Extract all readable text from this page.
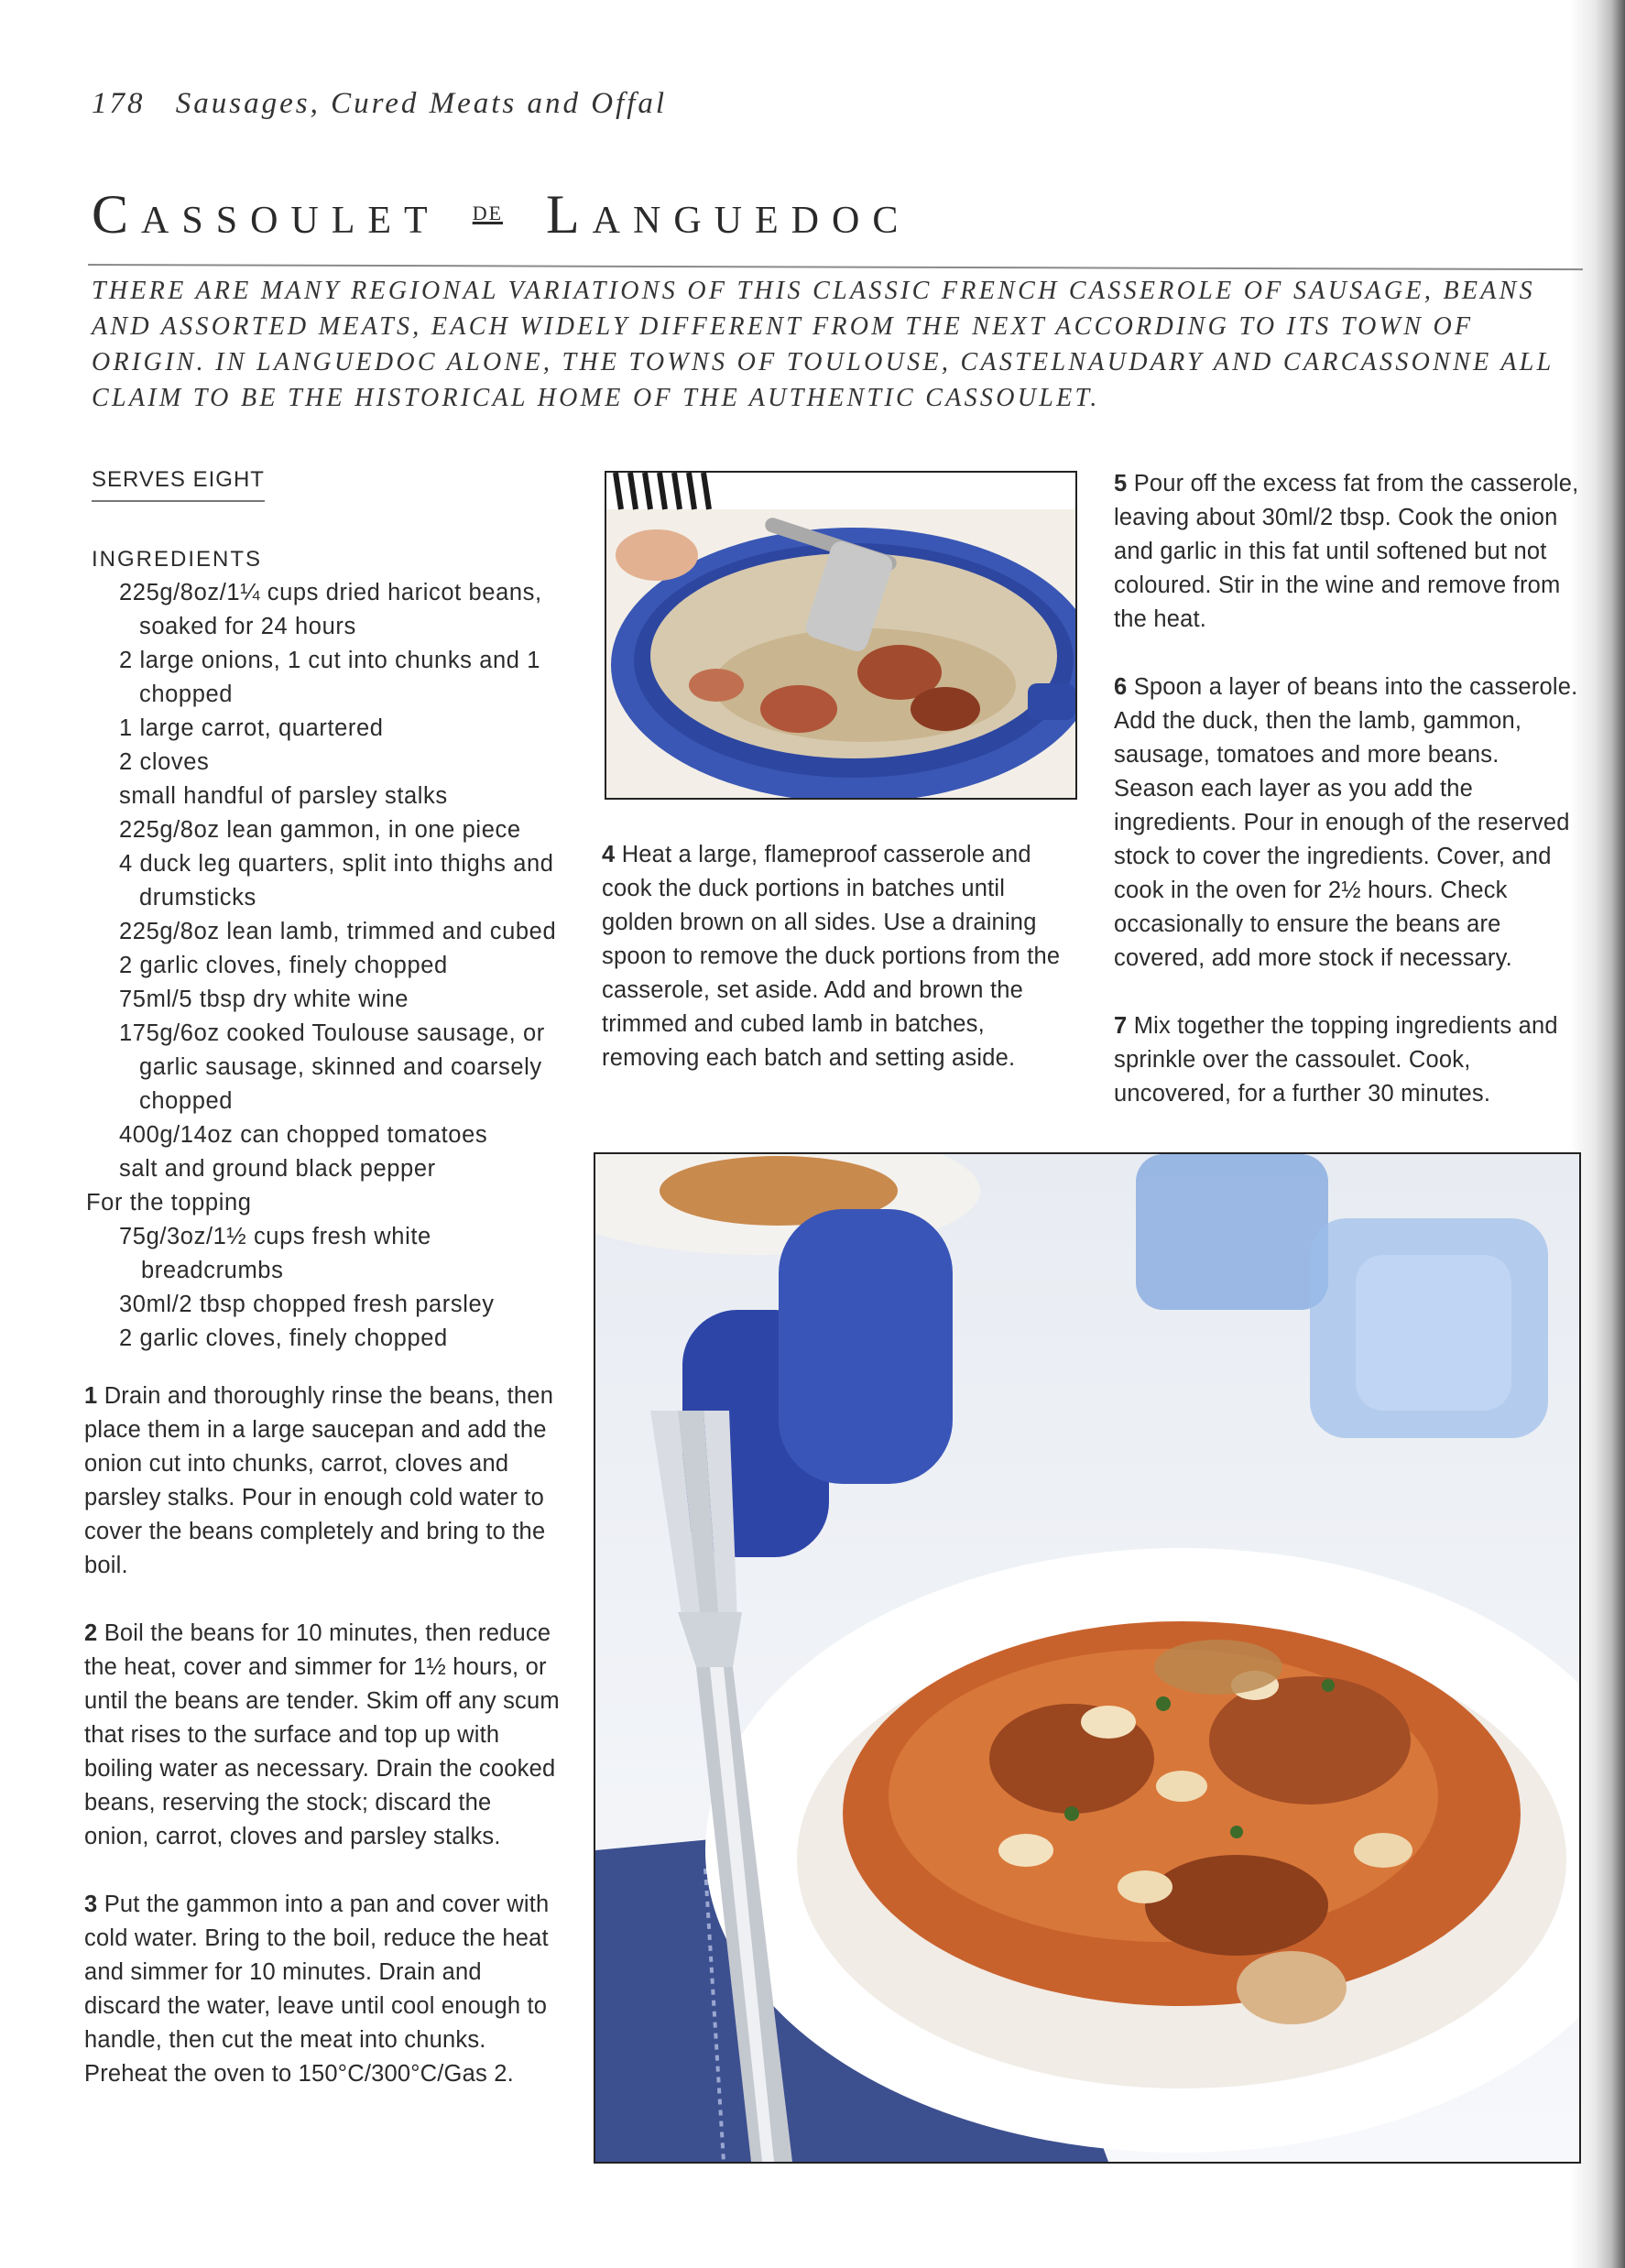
178 Sausages, Cured Meats and Offal
Cassoulet $^{de}$ Languedoc

THERE ARE MANY REGIONAL VARIATIONS OF THIS CLASSIC FRENCH CASSEROLE OF SAUSAGE, BEANS AND ASSORTED MEATS, EACH WIDELY DIFFERENT FROM THE NEXT ACCORDING TO ITS TOWN OF ORIGIN. IN LANGUEDOC ALONE, THE TOWNS OF TOULOUSE, CASTELNAUDARY AND CARCASSONNE ALL CLAIM TO BE THE HISTORICAL HOME OF THE AUTHENTIC CASSOULET.

SERVES EIGHT
INGREDIENTS
225g/8oz/1¼ cups dried haricot beans, soaked for 24 hours
2 large onions, 1 cut into chunks and 1 chopped
1 large carrot, quartered
2 cloves
small handful of parsley stalks
225g/8oz lean gammon, in one piece
4 duck leg quarters, split into thighs and drumsticks
225g/8oz lean lamb, trimmed and cubed
2 garlic cloves, finely chopped
75ml/5 tbsp dry white wine
175g/6oz cooked Toulouse sausage, or garlic sausage, skinned and coarsely chopped
400g/14oz can chopped tomatoes
salt and ground black pepper
For the topping
75g/3oz/1½ cups fresh white breadcrumbs
30ml/2 tbsp chopped fresh parsley
2 garlic cloves, finely chopped

1 Drain and thoroughly rinse the beans, then place them in a large saucepan and add the onion cut into chunks, carrot, cloves and parsley stalks. Pour in enough cold water to cover the beans completely and bring to the boil.

2 Boil the beans for 10 minutes, then reduce the heat, cover and simmer for 1½ hours, or until the beans are tender. Skim off any scum that rises to the surface and top up with boiling water as necessary. Drain the cooked beans, reserving the stock; discard the onion, carrot, cloves and parsley stalks.

3 Put the gammon into a pan and cover with cold water. Bring to the boil, reduce the heat and simmer for 10 minutes. Drain and discard the water, leave until cool enough to handle, then cut the meat into chunks. Preheat the oven to 150°C/300°C/Gas 2.

4 Heat a large, flameproof casserole and cook the duck portions in batches until golden brown on all sides. Use a draining spoon to remove the duck portions from the casserole, set aside. Add and brown the trimmed and cubed lamb in batches, removing each batch and setting aside.

5 Pour off the excess fat from the casserole, leaving about 30ml/2 tbsp. Cook the onion and garlic in this fat until softened but not coloured. Stir in the wine and remove from the heat.

6 Spoon a layer of beans into the casserole. Add the duck, then the lamb, gammon, sausage, tomatoes and more beans. Season each layer as you add the ingredients. Pour in enough of the reserved stock to cover the ingredients. Cover, and cook in the oven for 2½ hours. Check occasionally to ensure the beans are covered, add more stock if necessary.

7 Mix together the topping ingredients and sprinkle over the cassoulet. Cook, uncovered, for a further 30 minutes.
